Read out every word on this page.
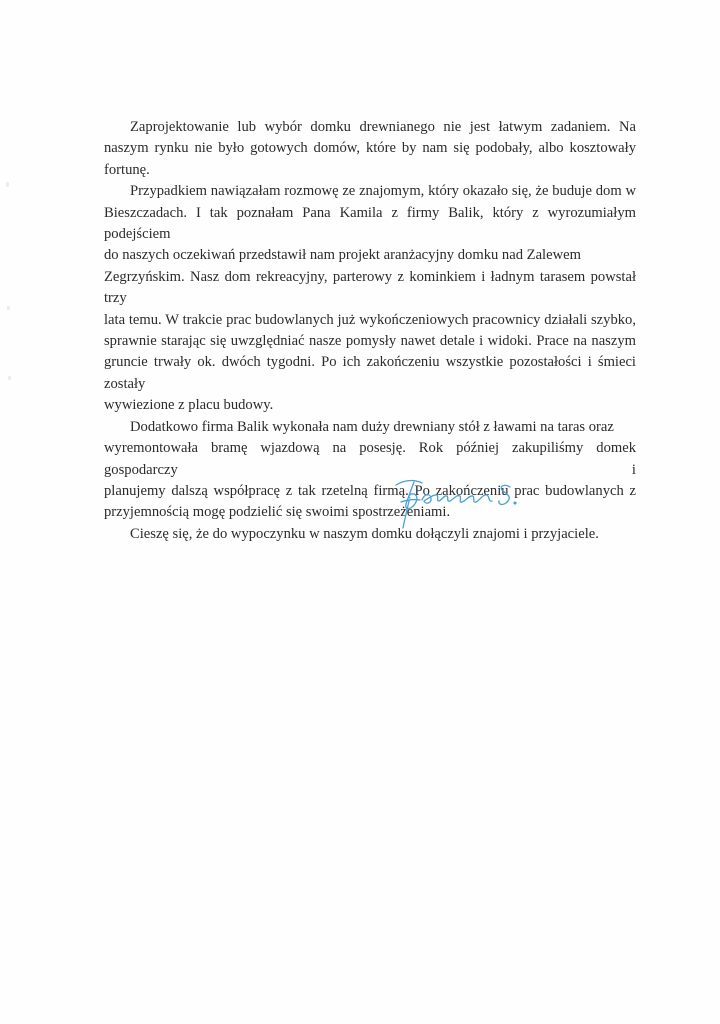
Zaprojektowanie lub wybór domku drewnianego nie jest łatwym zadaniem. Na
naszym rynku nie było gotowych domów, które by nam się podobały, albo kosztowały
fortunę.
Przypadkiem nawiązałam rozmowę ze znajomym, który okazało się, że buduje dom w
Bieszczadach. I tak poznałam Pana Kamila z firmy Balik, który z wyrozumiałym podejściem
do naszych oczekiwań przedstawił nam projekt aranżacyjny domku nad Zalewem
Zegrzyńskim. Nasz dom rekreacyjny, parterowy z kominkiem i ładnym tarasem powstał trzy
lata temu. W trakcie prac budowlanych już wykończeniowych pracownicy działali szybko,
sprawnie starając się uwzględniać nasze pomysły nawet detale i widoki. Prace na naszym
gruncie trwały ok. dwóch tygodni. Po ich zakończeniu wszystkie pozostałości i śmieci zostały
wywiezione z placu budowy.
Dodatkowo firma Balik wykonała nam duży drewniany stół z ławami na taras oraz
wyremontowała bramę wjazdową na posesję. Rok później zakupiliśmy domek gospodarczy i
planujemy dalszą współpracę z tak rzetelną firmą. Po zakończeniu prac budowlanych z
przyjemnością mogę podzielić się swoimi spostrzeżeniami.
Cieszę się, że do wypoczynku w naszym domku dołączyli znajomi i przyjaciele.
